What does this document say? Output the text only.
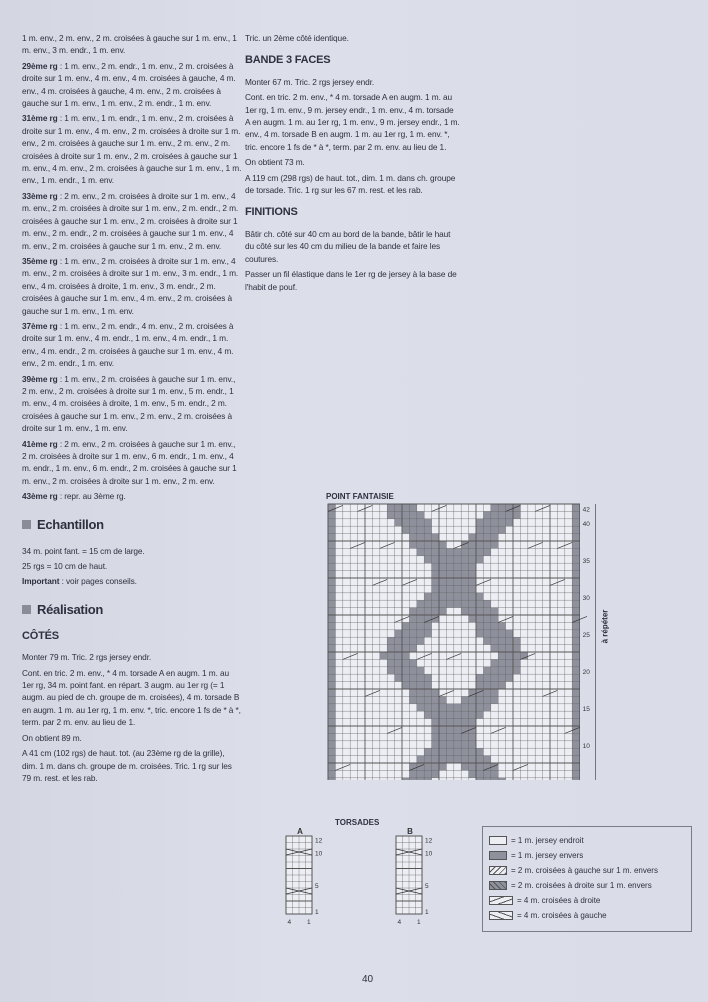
1 m. env., 2 m. env., 2 m. croisées à gauche sur 1 m. env., 1 m. env., 3 m. endr., 1 m. env.

29ème rg : 1 m. env., 2 m. endr., 1 m. env., 2 m. croisées à droite sur 1 m. env., 4 m. env., 4 m. croisées à gauche, 4 m. env., 4 m. croisées à gauche, 4 m. env., 2 m. croisées à gauche sur 1 m. env., 1 m. env., 2 m. endr., 1 m. env.

31ème rg : 1 m. env., 1 m. endr., 1 m. env., 2 m. croisées à droite sur 1 m. env., 4 m. env., 2 m. croisées à droite sur 1 m. env., 2 m. croisées à gauche sur 1 m. env., 2 m. env., 2 m. croisées à droite sur 1 m. env., 2 m. croisées à gauche sur 1 m. env., 4 m. env., 2 m. croisées à gauche sur 1 m. env., 1 m. env., 1 m. endr., 1 m. env.

33ème rg : 2 m. env., 2 m. croisées à droite sur 1 m. env., 4 m. env., 2 m. croisées à droite sur 1 m. env., 2 m. endr., 2 m. croisées à gauche sur 1 m. env., 2 m. croisées à droite sur 1 m. env., 2 m. endr., 2 m. croisées à gauche sur 1 m. env., 4 m. env., 2 m. croisées à gauche sur 1 m. env., 2 m. env.

35ème rg : 1 m. env., 2 m. croisées à droite sur 1 m. env., 4 m. env., 2 m. croisées à droite sur 1 m. env., 3 m. endr., 1 m. env., 4 m. croisées à droite, 1 m. env., 3 m. endr., 2 m. croisées à gauche sur 1 m. env., 4 m. env., 2 m. croisées à gauche sur 1 m. env., 1 m. env.

37ème rg : 1 m. env., 2 m. endr., 4 m. env., 2 m. croisées à droite sur 1 m. env., 4 m. endr., 1 m. env., 4 m. endr., 1 m. env., 4 m. endr., 2 m. croisées à gauche sur 1 m. env., 4 m. env., 2 m. endr., 1 m. env.

39ème rg : 1 m. env., 2 m. croisées à gauche sur 1 m. env., 2 m. env., 2 m. croisées à droite sur 1 m. env., 5 m. endr., 1 m. env., 4 m. croisées à droite, 1 m. env., 5 m. endr., 2 m. croisées à gauche sur 1 m. env., 2 m. env., 2 m. croisées à droite sur 1 m. env., 1 m. env.

41ème rg : 2 m. env., 2 m. croisées à gauche sur 1 m. env., 2 m. croisées à droite sur 1 m. env., 6 m. endr., 1 m. env., 4 m. endr., 1 m. env., 6 m. endr., 2 m. croisées à gauche sur 1 m. env., 2 m. croisées à droite sur 1 m. env., 2 m. env.

43ème rg : repr. au 3ème rg.

Echantillon

34 m. point fant. = 15 cm de large.

25 rgs = 10 cm de haut.

Important : voir pages conseils.

Réalisation
CÔTÉS

Monter 79 m. Tric. 2 rgs jersey endr.

Cont. en tric. 2 m. env., * 4 m. torsade A en augm. 1 m. au 1er rg, 34 m. point fant. en répart. 3 augm. au 1er rg (= 1 augm. au pied de ch. groupe de m. croisées), 4 m. torsade B en augm. 1 m. au 1er rg, 1 m. env. *, tric. encore 1 fs de * à *, term. par 2 m. env. au lieu de 1.

On obtient 89 m.

A 41 cm (102 rgs) de haut. tot. (au 23ème rg de la grille), dim. 1 m. dans ch. groupe de m. croisées. Tric. 1 rg sur les 79 m. rest. et les rab.

Tric. un 2ème côté identique.

BANDE 3 FACES

Monter 67 m. Tric. 2 rgs jersey endr.

Cont. en tric. 2 m. env., * 4 m. torsade A en augm. 1 m. au 1er rg, 1 m. env., 9 m. jersey endr., 1 m. env., 4 m. torsade A en augm. 1 m. au 1er rg, 1 m. env., 9 m. jersey endr., 1 m. env., 4 m. torsade B en augm. 1 m. au 1er rg, 1 m. env. *, tric. encore 1 fs de * à *, term. par 2 m. env. au lieu de 1.

On obtient 73 m.

A 119 cm (298 rgs) de haut. tot., dim. 1 m. dans ch. groupe de torsade. Tric. 1 rg sur les 67 m. rest. et les rab.

FINITIONS

Bâtir ch. côté sur 40 cm au bord de la bande, bâtir le haut du côté sur les 40 cm du milieu de la bande et faire les coutures.

Passer un fil élastique dans le 1er rg de jersey à la base de l'habit de pouf.

POINT FANTAISIE
10
15
20
25
30
35
40
42
à répéter
TORSADES
1
5
10
12
4 1
A
1
5
10
12
4 1
B
= 1 m. jersey endroit
= 1 m. jersey envers
= 2 m. croisées à gauche sur 1 m. envers
= 2 m. croisées à droite sur 1 m. envers
= 4 m. croisées à droite
= 4 m. croisées à gauche
40
